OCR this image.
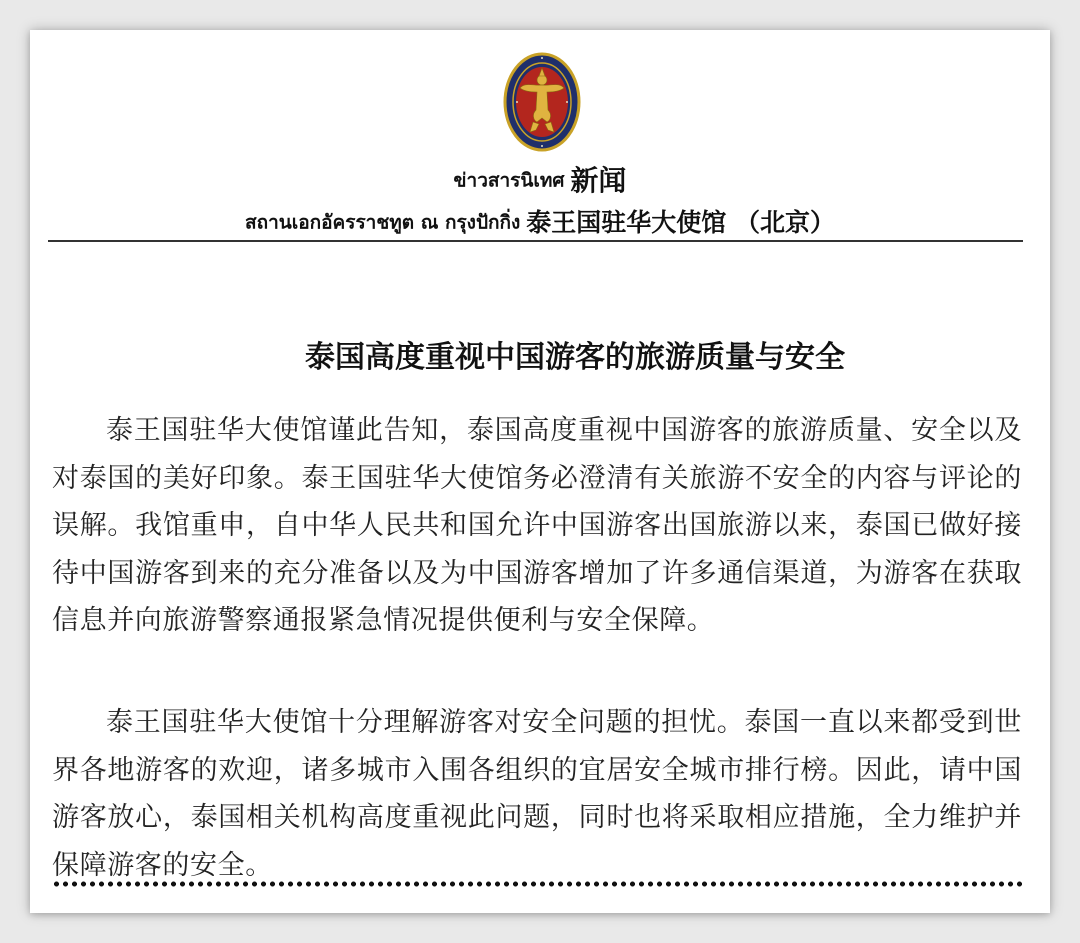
ข่าวสารนิเทศ 新闻
สถานเอกอัครราชทูต ณ กรุงปักกิ่ง 泰王国驻华大使馆 （北京）
泰国高度重视中国游客的旅游质量与安全

泰王国驻华大使馆谨此告知，泰国高度重视中国游客的旅游质量、安全以及对泰国的美好印象。泰王国驻华大使馆务必澄清有关旅游不安全的内容与评论的误解。我馆重申，自中华人民共和国允许中国游客出国旅游以来，泰国已做好接待中国游客到来的充分准备以及为中国游客增加了许多通信渠道，为游客在获取信息并向旅游警察通报紧急情况提供便利与安全保障。

泰王国驻华大使馆十分理解游客对安全问题的担忧。泰国一直以来都受到世界各地游客的欢迎，诸多城市入围各组织的宜居安全城市排行榜。因此，请中国游客放心，泰国相关机构高度重视此问题，同时也将采取相应措施，全力维护并保障游客的安全。
